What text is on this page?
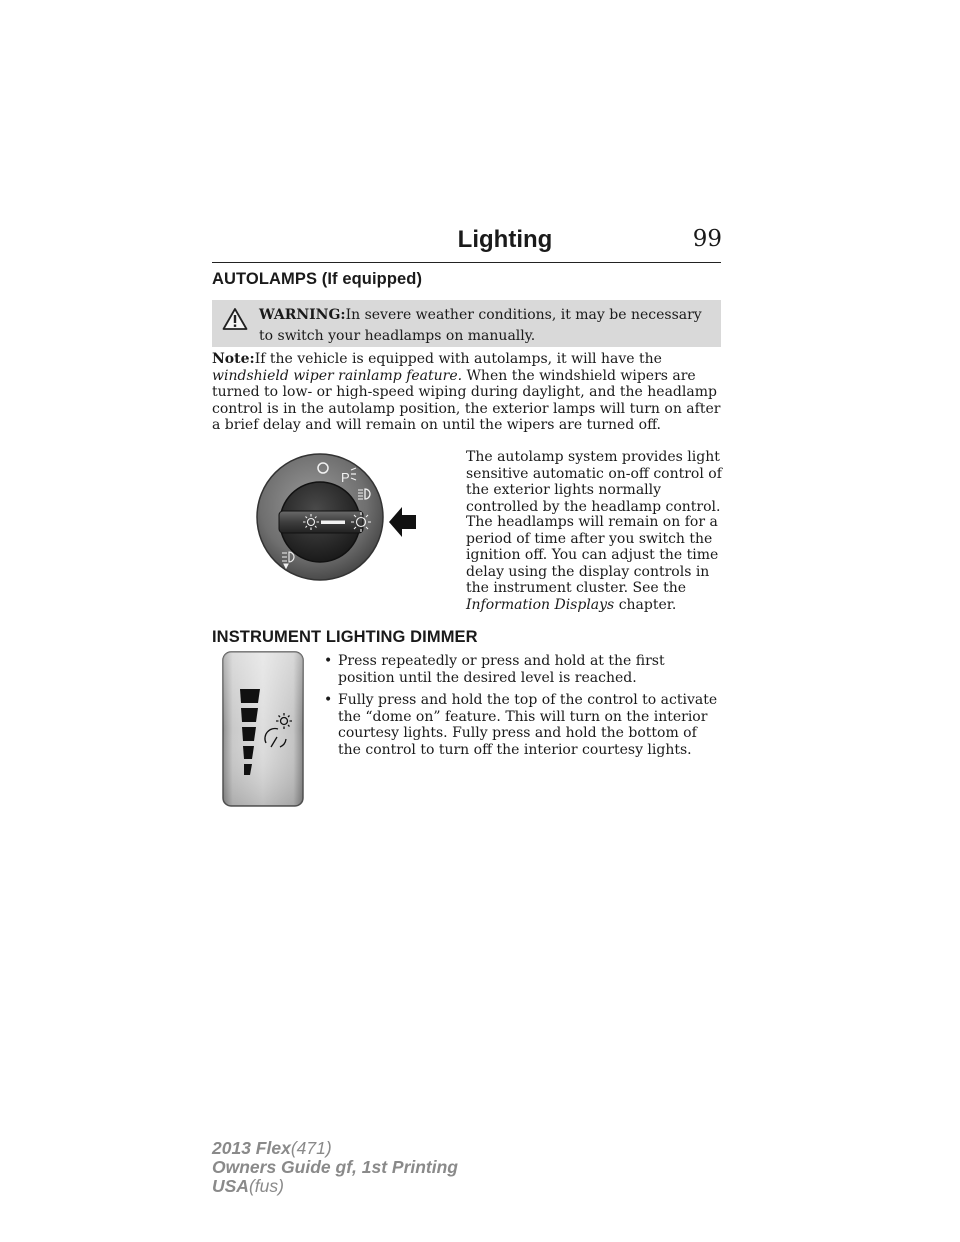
Lighting	99
AUTOLAMPS (If equipped)

WARNING:In severe weather conditions, it may be necessary to switch your headlamps on manually.

Note:If the vehicle is equipped with autolamps, it will have the windshield wiper rainlamp feature. When the windshield wipers are turned to low- or high-speed wiping during daylight, and the headlamp control is in the autolamp position, the exterior lamps will turn on after a brief delay and will remain on until the wipers are turned off.

P

The autolamp system provides light sensitive automatic on-off control of the exterior lights normally controlled by the headlamp control.

The headlamps will remain on for a period of time after you switch the ignition off. You can adjust the time delay using the display controls in the instrument cluster. See the Information Displays chapter.

INSTRUMENT LIGHTING DIMMER
• Press repeatedly or press and hold at the first position until the desired level is reached.
• Fully press and hold the top of the control to activate the “dome on” feature. This will turn on the interior courtesy lights. Fully press and hold the bottom of the control to turn off the interior courtesy lights.
2013 Flex(471)
Owners Guide gf, 1st Printing
USA(fus)
